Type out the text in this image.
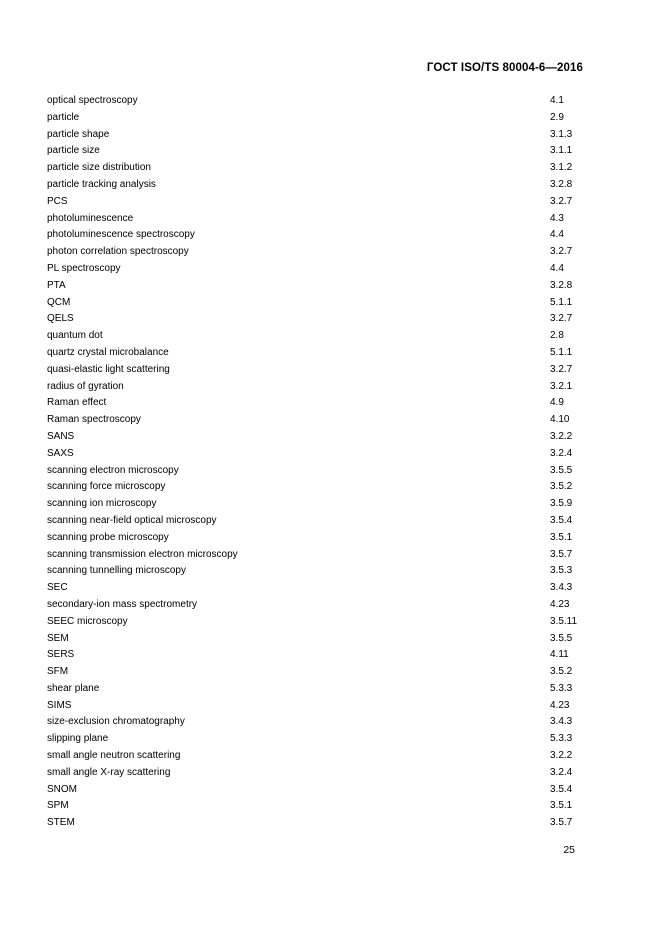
ГОСТ ISO/TS 80004-6—2016
optical spectroscopy	4.1
particle	2.9
particle shape	3.1.3
particle size	3.1.1
particle size distribution	3.1.2
particle tracking analysis	3.2.8
PCS	3.2.7
photoluminescence	4.3
photoluminescence spectroscopy	4.4
photon correlation spectroscopy	3.2.7
PL spectroscopy	4.4
PTA	3.2.8
QCM	5.1.1
QELS	3.2.7
quantum dot	2.8
quartz crystal microbalance	5.1.1
quasi-elastic light scattering	3.2.7
radius of gyration	3.2.1
Raman effect	4.9
Raman spectroscopy	4.10
SANS	3.2.2
SAXS	3.2.4
scanning electron microscopy	3.5.5
scanning force microscopy	3.5.2
scanning ion microscopy	3.5.9
scanning near-field optical microscopy	3.5.4
scanning probe microscopy	3.5.1
scanning transmission electron microscopy	3.5.7
scanning tunnelling microscopy	3.5.3
SEC	3.4.3
secondary-ion mass spectrometry	4.23
SEEC microscopy	3.5.11
SEM	3.5.5
SERS	4.11
SFM	3.5.2
shear plane	5.3.3
SIMS	4.23
size-exclusion chromatography	3.4.3
slipping plane	5.3.3
small angle neutron scattering	3.2.2
small angle X-ray scattering	3.2.4
SNOM	3.5.4
SPM	3.5.1
STEM	3.5.7
25
